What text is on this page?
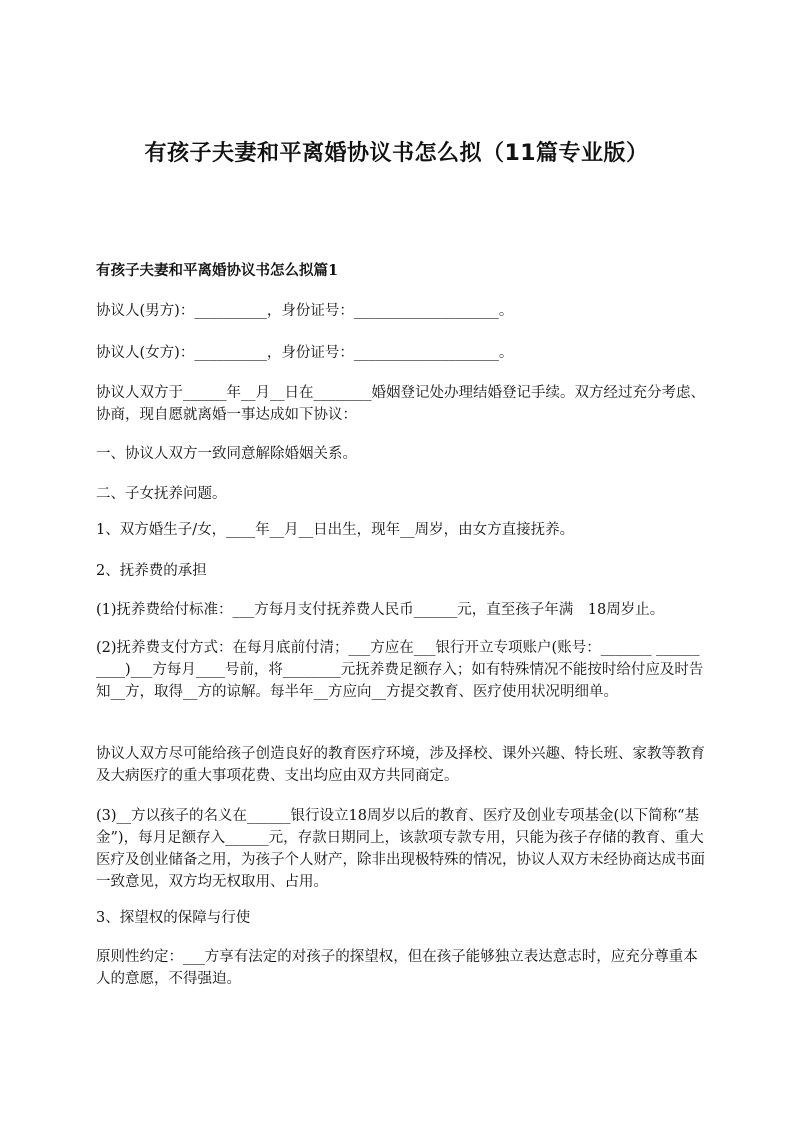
有孩子夫妻和平离婚协议书怎么拟（11篇专业版）
有孩子夫妻和平离婚协议书怎么拟篇1

协议人(男方)：__________，身份证号：____________________。

协议人(女方)：__________，身份证号：____________________。

协议人双方于______年__月__日在________婚姻登记处办理结婚登记手续。双方经过充分考虑、协商，现自愿就离婚一事达成如下协议：

一、协议人双方一致同意解除婚姻关系。

二、子女抚养问题。

1、双方婚生子/女，____年__月__日出生，现年__周岁，由女方直接抚养。

2、抚养费的承担

(1)抚养费给付标准：___方每月支付抚养费人民币______元，直至孩子年满　18周岁止。

(2)抚养费支付方式：在每月底前付清；___方应在___银行开立专项账户(账号：_______ __________)___方每月____号前，将________元抚养费足额存入；如有特殊情况不能按时给付应及时告知__方，取得__方的谅解。每半年__方应向__方提交教育、医疗使用状况明细单。

协议人双方尽可能给孩子创造良好的教育医疗环境，涉及择校、课外兴趣、特长班、家教等教育及大病医疗的重大事项花费、支出均应由双方共同商定。

(3)__方以孩子的名义在______银行设立18周岁以后的教育、医疗及创业专项基金(以下简称“基金”)，每月足额存入______元，存款日期同上，该款项专款专用，只能为孩子存储的教育、重大医疗及创业储备之用，为孩子个人财产，除非出现极特殊的情况，协议人双方未经协商达成书面一致意见，双方均无权取用、占用。

3、探望权的保障与行使

原则性约定：___方享有法定的对孩子的探望权，但在孩子能够独立表达意志时，应充分尊重本人的意愿，不得强迫。
